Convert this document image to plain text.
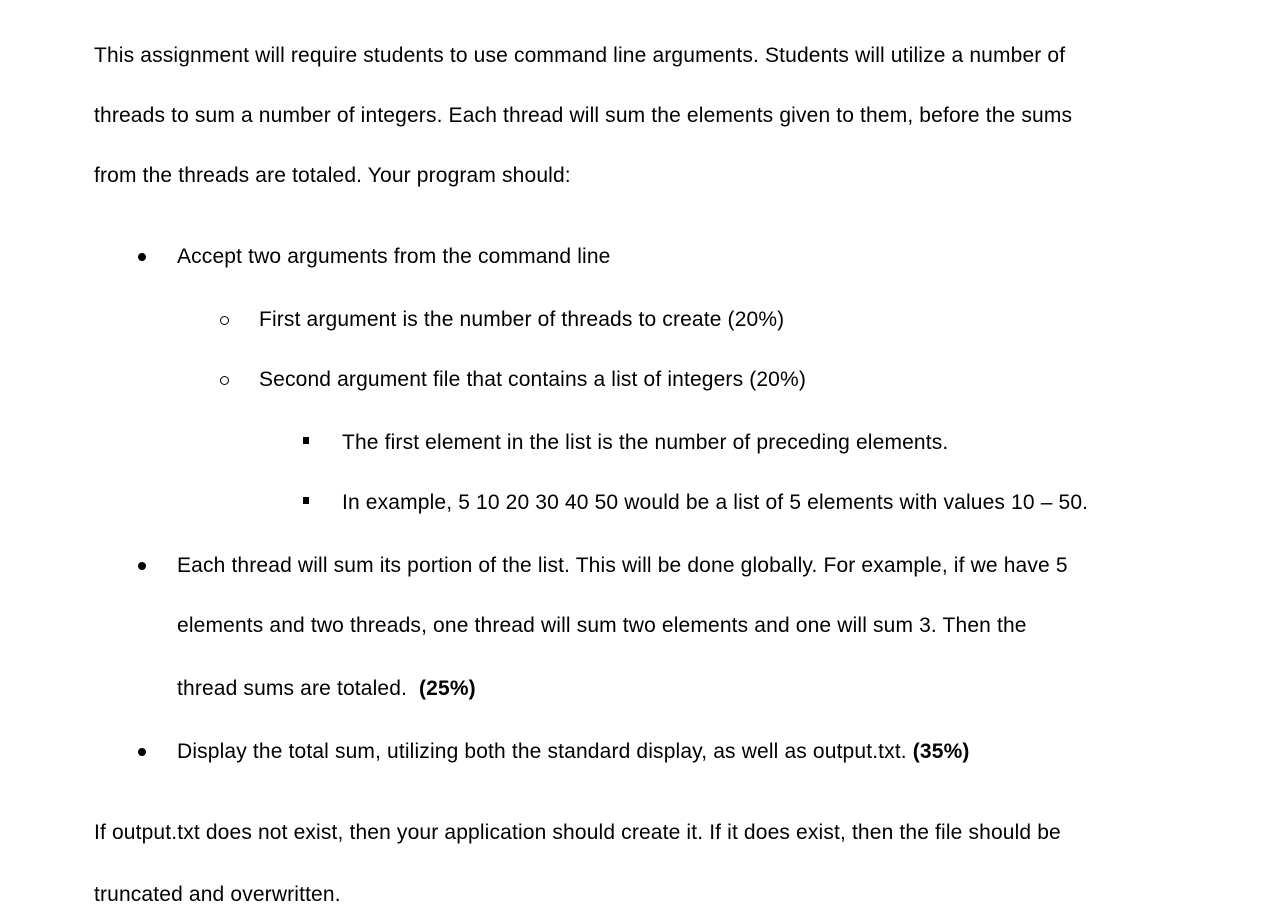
This assignment will require students to use command line arguments. Students will utilize a number of
threads to sum a number of integers. Each thread will sum the elements given to them, before the sums
from the threads are totaled. Your program should:
Accept two arguments from the command line
First argument is the number of threads to create (20%)
Second argument file that contains a list of integers (20%)
The first element in the list is the number of preceding elements.
In example, 5 10 20 30 40 50 would be a list of 5 elements with values 10 – 50.
Each thread will sum its portion of the list. This will be done globally. For example, if we have 5
elements and two threads, one thread will sum two elements and one will sum 3. Then the
thread sums are totaled.  (25%)
Display the total sum, utilizing both the standard display, as well as output.txt. (35%)
If output.txt does not exist, then your application should create it. If it does exist, then the file should be
truncated and overwritten.
